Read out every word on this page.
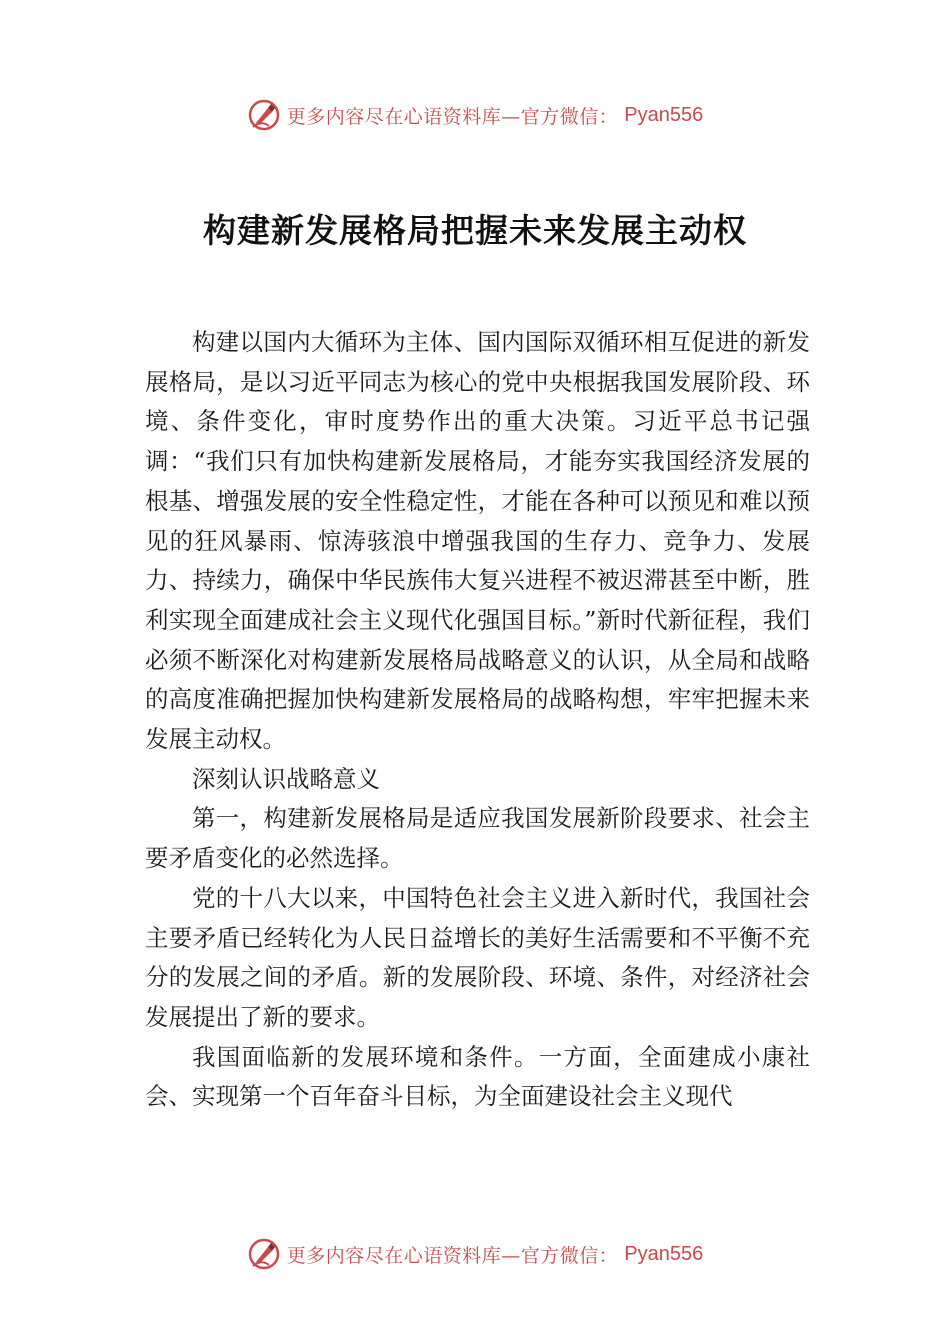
更多内容尽在心语资料库—官方微信： Pyan556
构建新发展格局把握未来发展主动权

构建以国内大循环为主体、国内国际双循环相互促进的新发展格局，是以习近平同志为核心的党中央根据我国发展阶段、环境、条件变化，审时度势作出的重大决策。习近平总书记强调：“我们只有加快构建新发展格局，才能夯实我国经济发展的根基、增强发展的安全性稳定性，才能在各种可以预见和难以预见的狂风暴雨、惊涛骇浪中增强我国的生存力、竞争力、发展力、持续力，确保中华民族伟大复兴进程不被迟滞甚至中断，胜利实现全面建成社会主义现代化强国目标。”新时代新征程，我们必须不断深化对构建新发展格局战略意义的认识，从全局和战略的高度准确把握加快构建新发展格局的战略构想，牢牢把握未来发展主动权。

深刻认识战略意义

第一，构建新发展格局是适应我国发展新阶段要求、社会主要矛盾变化的必然选择。

党的十八大以来，中国特色社会主义进入新时代，我国社会主要矛盾已经转化为人民日益增长的美好生活需要和不平衡不充分的发展之间的矛盾。新的发展阶段、环境、条件，对经济社会发展提出了新的要求。

我国面临新的发展环境和条件。一方面，全面建成小康社会、实现第一个百年奋斗目标，为全面建设社会主义现代

更多内容尽在心语资料库—官方微信： Pyan556
